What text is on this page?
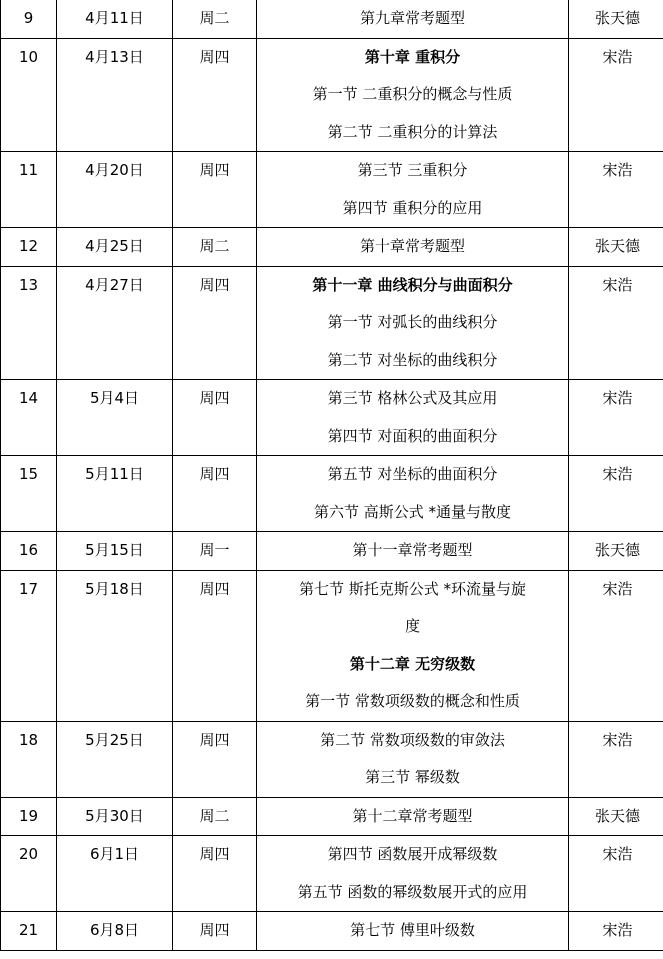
9	4月11日	周二	第九章常考题型	张天德

10	4月13日	周四	第十章 重积分
第一节 二重积分的概念与性质
第二节 二重积分的计算法	宋浩

11	4月20日	周四	第三节 三重积分
第四节 重积分的应用	宋浩

12	4月25日	周二	第十章常考题型	张天德

13	4月27日	周四	第十一章 曲线积分与曲面积分
第一节 对弧长的曲线积分
第二节 对坐标的曲线积分	宋浩

14	5月4日	周四	第三节 格林公式及其应用
第四节 对面积的曲面积分	宋浩

15	5月11日	周四	第五节 对坐标的曲面积分
第六节 高斯公式 *通量与散度	宋浩

16	5月15日	周一	第十一章常考题型	张天德

17	5月18日	周四	第七节 斯托克斯公式 *环流量与旋
度
第十二章 无穷级数
第一节 常数项级数的概念和性质	宋浩

18	5月25日	周四	第二节 常数项级数的审敛法
第三节 幂级数	宋浩

19	5月30日	周二	第十二章常考题型	张天德

20	6月1日	周四	第四节 函数展开成幂级数
第五节 函数的幂级数展开式的应用	宋浩

21	6月8日	周四	第七节 傅里叶级数	宋浩
